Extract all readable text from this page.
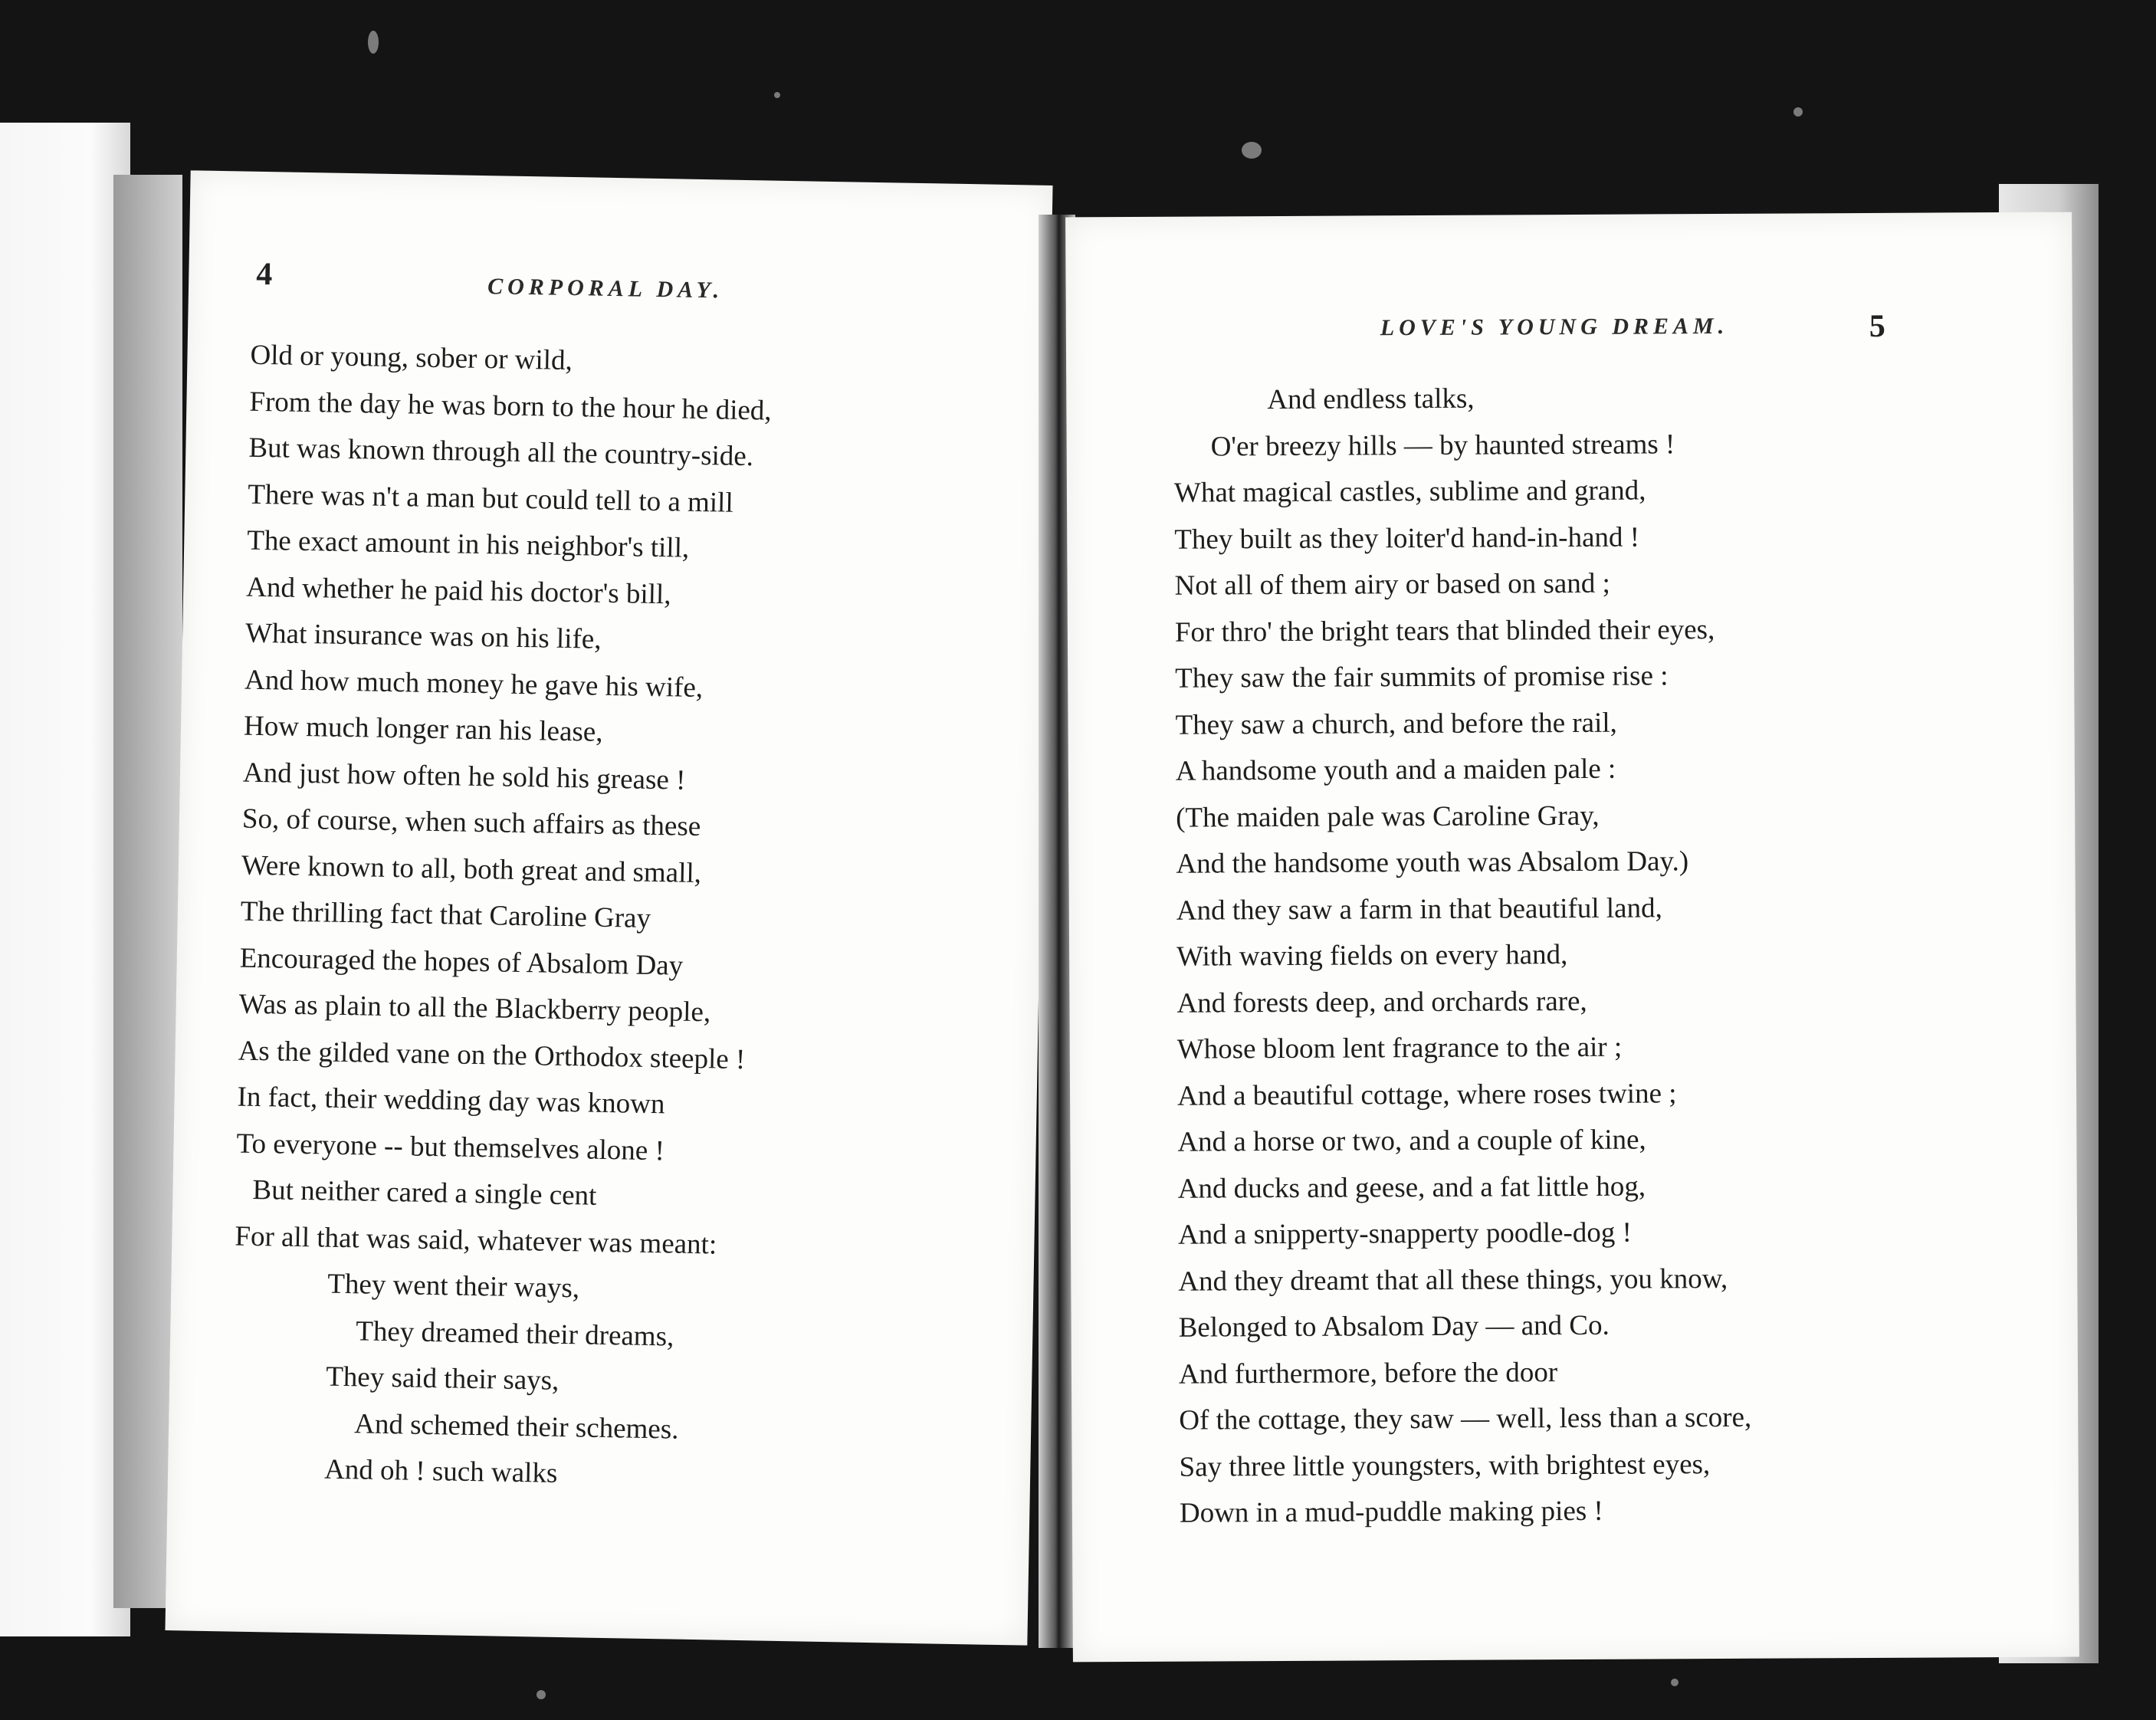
4	CORPORAL DAY.
Old or young, sober or wild,
From the day he was born to the hour he died,
But was known through all the country-side.
There was n't a man but could tell to a mill
The exact amount in his neighbor's till,
And whether he paid his doctor's bill,
What insurance was on his life,
And how much money he gave his wife,
How much longer ran his lease,
And just how often he sold his grease !
So, of course, when such affairs as these
Were known to all, both great and small,
The thrilling fact that Caroline Gray
Encouraged the hopes of Absalom Day
Was as plain to all the Blackberry people,
As the gilded vane on the Orthodox steeple !
In fact, their wedding day was known
To everyone -- but themselves alone !
But neither cared a single cent
For all that was said, whatever was meant:
They went their ways,
They dreamed their dreams,
They said their says,
And schemed their schemes.
And oh ! such walks
LOVE'S YOUNG DREAM.	5
And endless talks,
O'er breezy hills — by haunted streams !
What magical castles, sublime and grand,
They built as they loiter'd hand-in-hand !
Not all of them airy or based on sand ;
For thro' the bright tears that blinded their eyes,
They saw the fair summits of promise rise :
They saw a church, and before the rail,
A handsome youth and a maiden pale :
(The maiden pale was Caroline Gray,
And the handsome youth was Absalom Day.)
And they saw a farm in that beautiful land,
With waving fields on every hand,
And forests deep, and orchards rare,
Whose bloom lent fragrance to the air ;
And a beautiful cottage, where roses twine ;
And a horse or two, and a couple of kine,
And ducks and geese, and a fat little hog,
And a snipperty-snapperty poodle-dog !
And they dreamt that all these things, you know,
Belonged to Absalom Day — and Co.
And furthermore, before the door
Of the cottage, they saw — well, less than a score,
Say three little youngsters, with brightest eyes,
Down in a mud-puddle making pies !
